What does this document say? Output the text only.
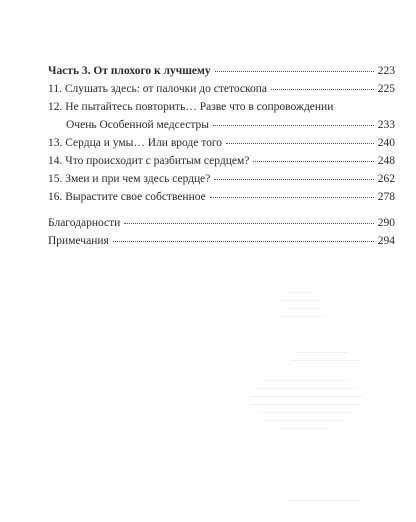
Часть 3. От плохого к лучшему	223
11. Слушать здесь: от палочки до стетоскопа	225
12. Не пытайтесь повторить… Разве что в сопровождении
Очень Особенной медсестры	233
13. Сердца и умы… Или вроде того	240
14. Что происходит с разбитым сердцем?	248
15. Змеи и при чем здесь сердце?	262
16. Вырастите свое собственное	278
Благодарности	290
Примечания	294
